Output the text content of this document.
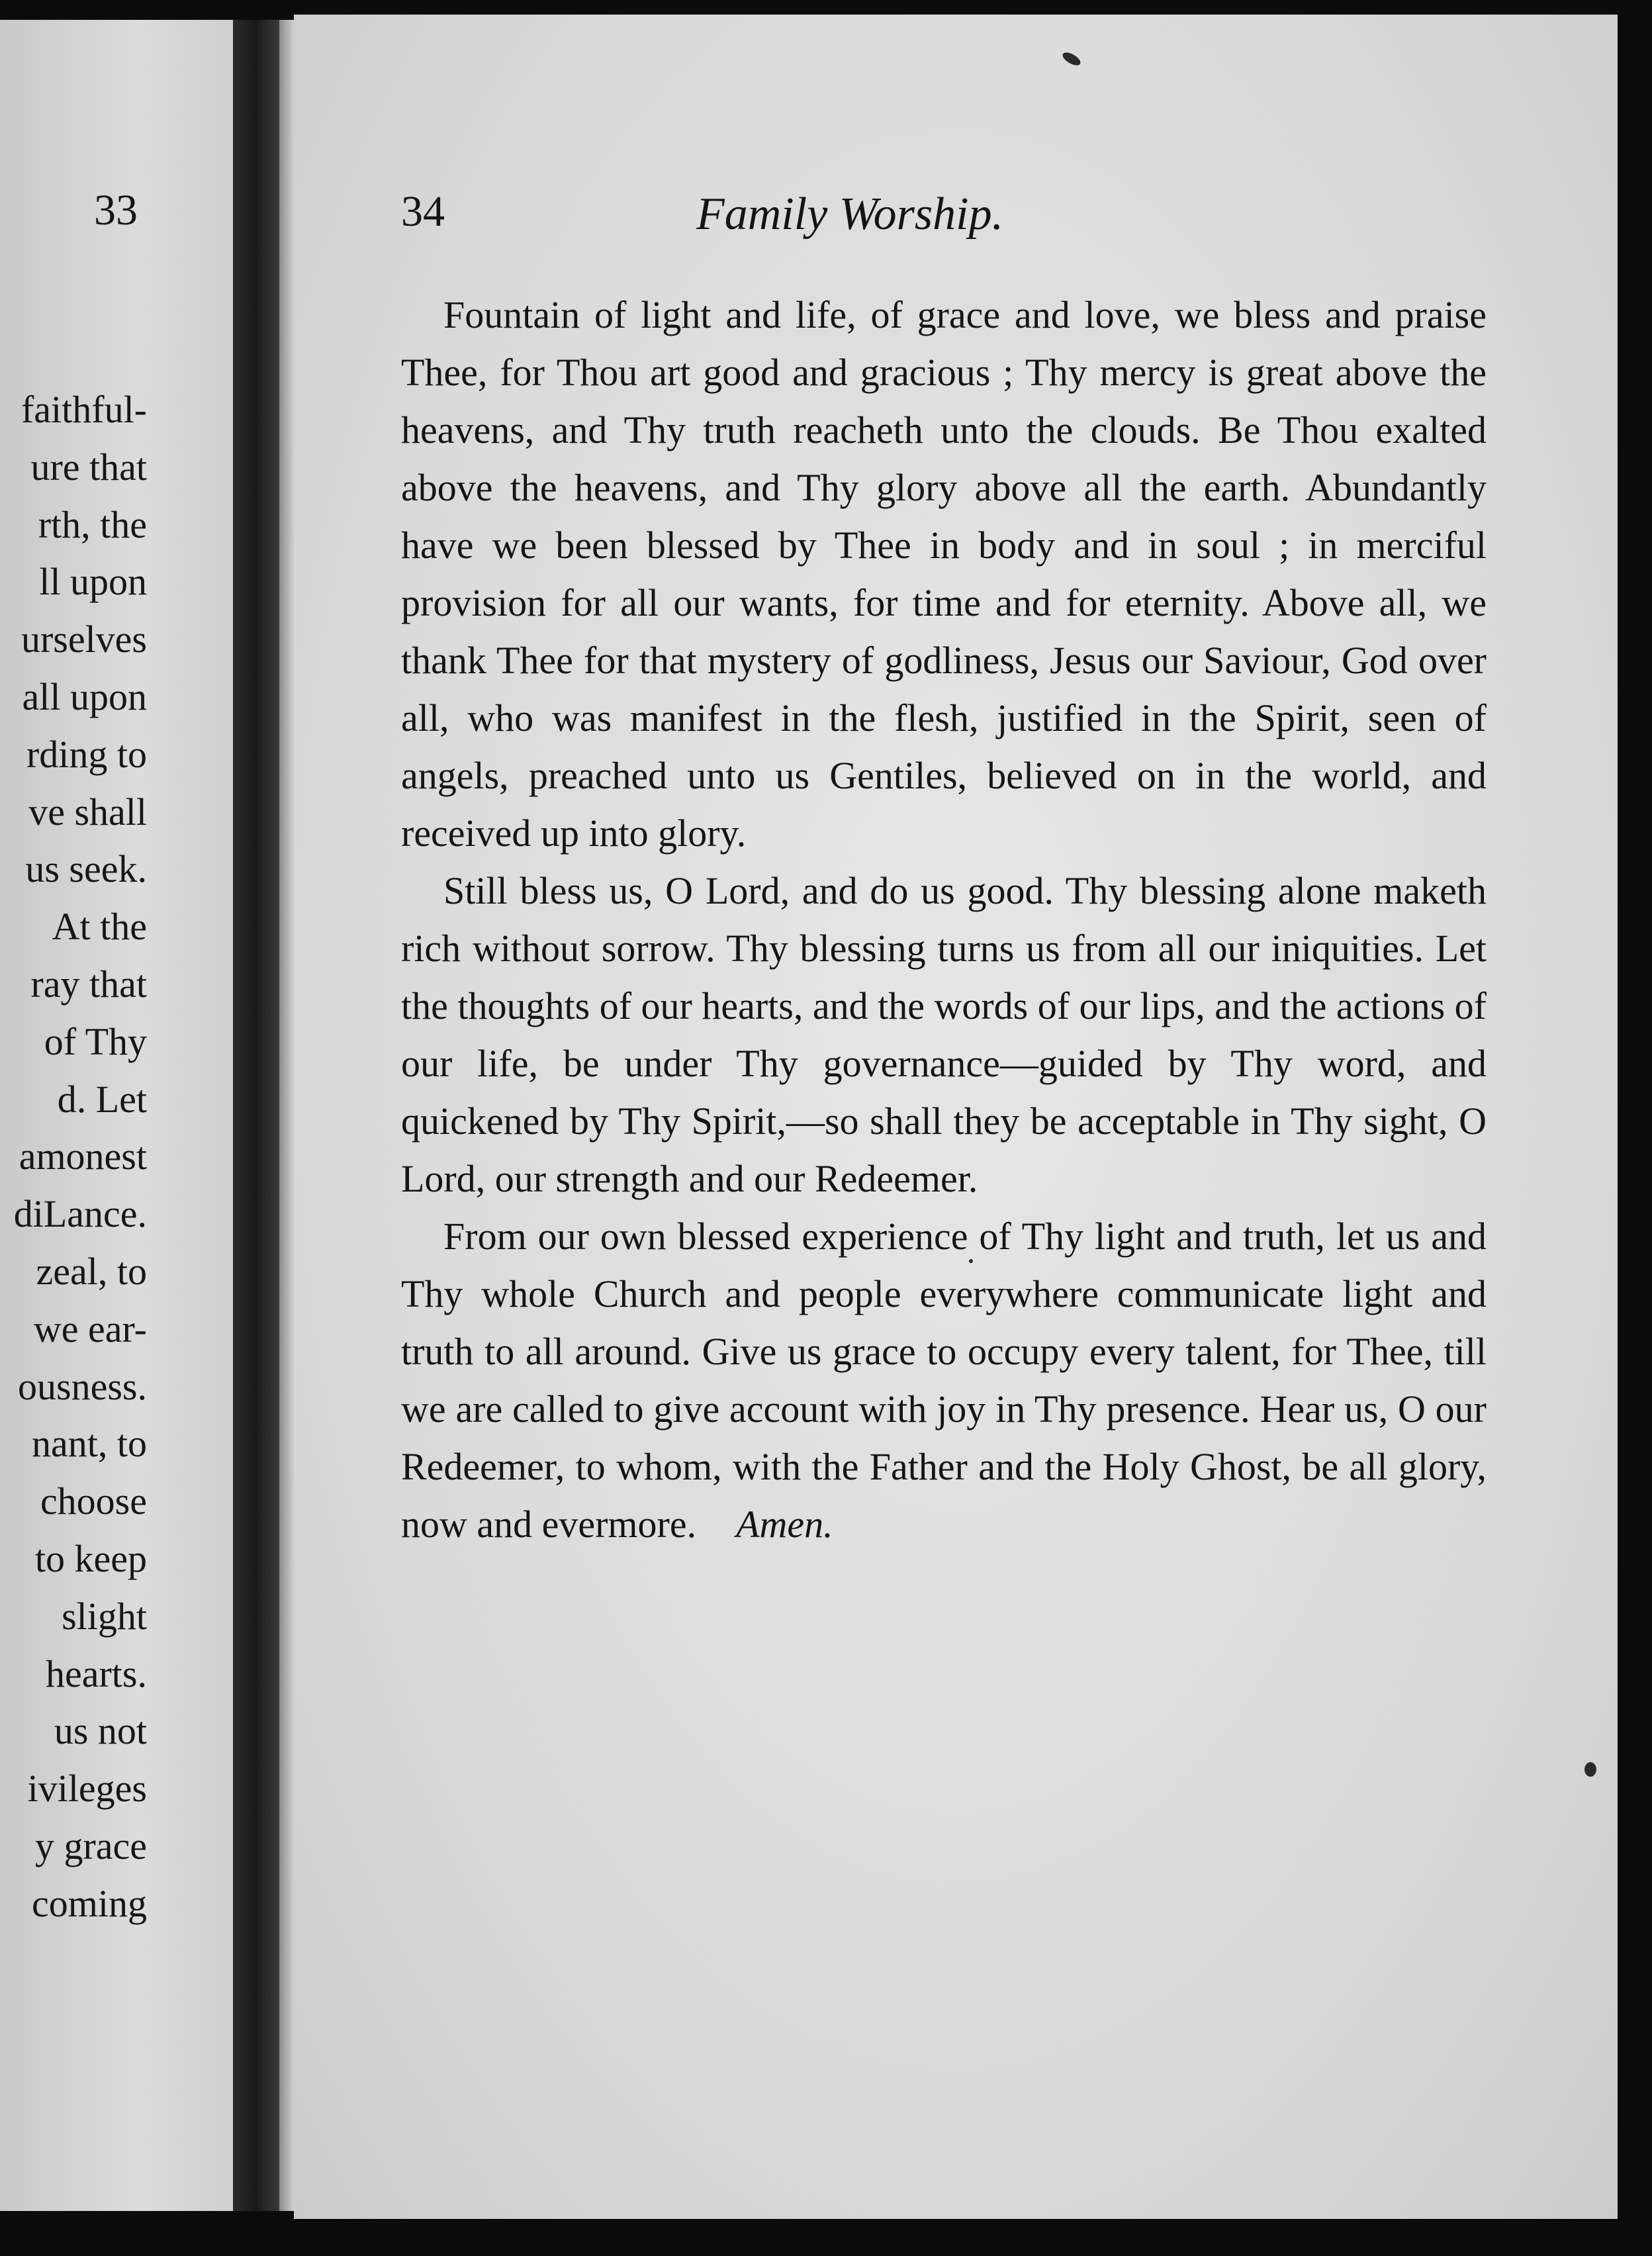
33
faithful-
ure that
rth, the
ll upon
urselves
all upon
rding to
ve shall
us seek.
At the
ray that
of Thy
d. Let
amonest
diLance.
zeal, to
we ear-
ousness.
nant, to
choose
to keep
slight
hearts.
us not
ivileges
y grace
coming
34	Family Worship.

Fountain of light and life, of grace and love, we bless and praise Thee, for Thou art good and gracious ; Thy mercy is great above the heavens, and Thy truth reacheth unto the clouds. Be Thou exalted above the heavens, and Thy glory above all the earth. Abundantly have we been blessed by Thee in body and in soul ; in merciful provision for all our wants, for time and for eternity. Above all, we thank Thee for that mystery of godliness, Jesus our Saviour, God over all, who was manifest in the flesh, justified in the Spirit, seen of angels, preached unto us Gentiles, believed on in the world, and received up into glory.

Still bless us, O Lord, and do us good. Thy blessing alone maketh rich without sorrow. Thy blessing turns us from all our iniquities. Let the thoughts of our hearts, and the words of our lips, and the actions of our life, be under Thy governance—guided by Thy word, and quickened by Thy Spirit,—so shall they be acceptable in Thy sight, O Lord, our strength and our Redeemer.

From our own blessed experience of Thy light and truth, let us and Thy whole Church and people everywhere communicate light and truth to all around. Give us grace to occupy every talent, for Thee, till we are called to give account with joy in Thy presence. Hear us, O our Redeemer, to whom, with the Father and the Holy Ghost, be all glory, now and evermore. Amen.
